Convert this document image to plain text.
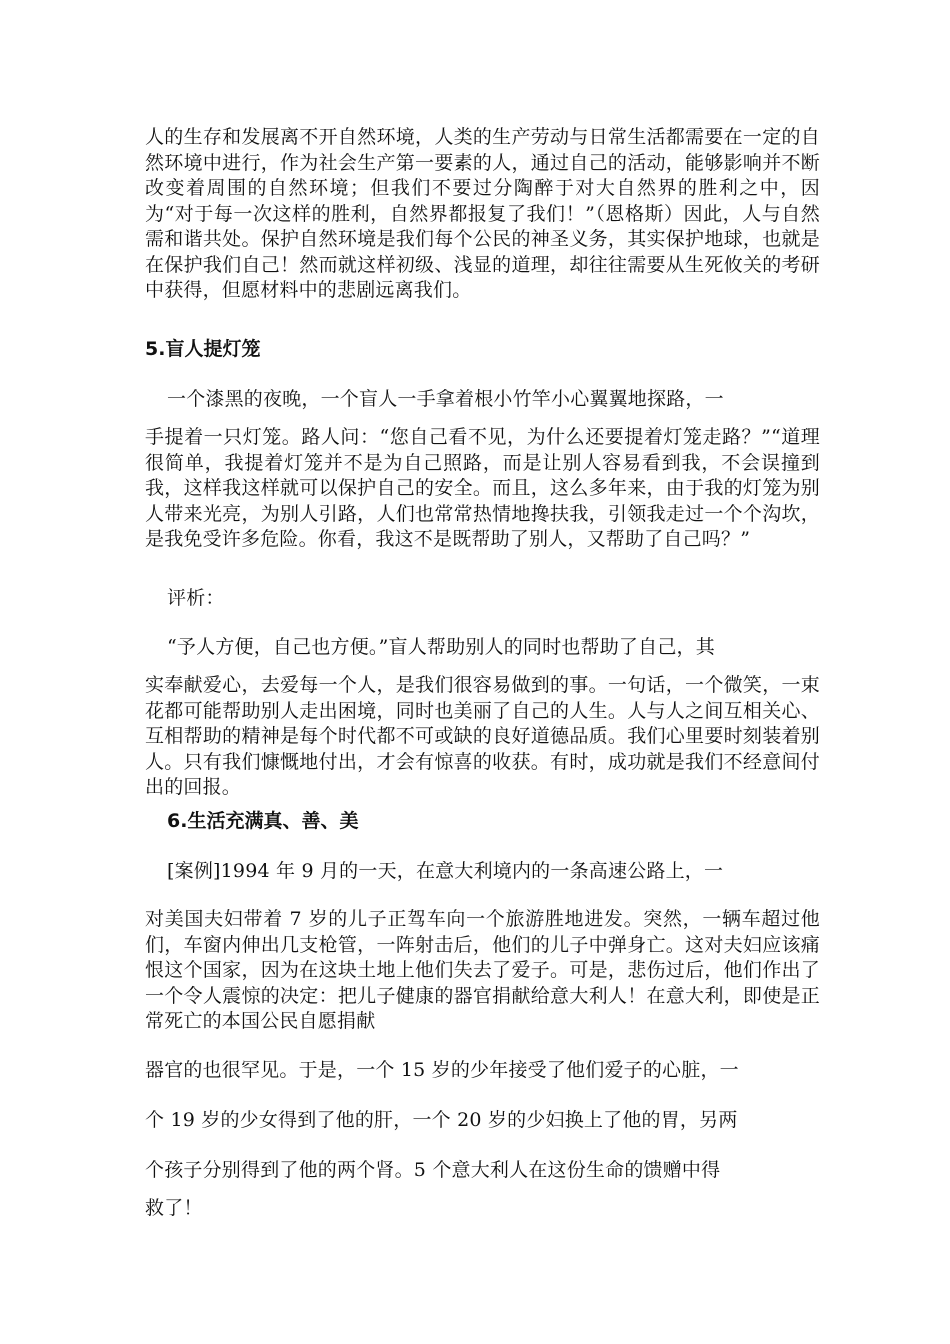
人的生存和发展离不开自然环境，人类的生产劳动与日常生活都需要在一定的自然环境中进行，作为社会生产第一要素的人，通过自己的活动，能够影响并不断改变着周围的自然环境；但我们不要过分陶醉于对大自然界的胜利之中，因为“对于每一次这样的胜利，自然界都报复了我们！”（恩格斯）因此，人与自然需和谐共处。保护自然环境是我们每个公民的神圣义务，其实保护地球，也就是在保护我们自己！然而就这样初级、浅显的道理，却往往需要从生死攸关的考研中获得，但愿材料中的悲剧远离我们。
5.盲人提灯笼
一个漆黑的夜晚，一个盲人一手拿着根小竹竿小心翼翼地探路，一
手提着一只灯笼。路人问：“您自己看不见，为什么还要提着灯笼走路？”“道理很简单，我提着灯笼并不是为自己照路，而是让别人容易看到我，不会误撞到我，这样我这样就可以保护自己的安全。而且，这么多年来，由于我的灯笼为别人带来光亮，为别人引路，人们也常常热情地搀扶我，引领我走过一个个沟坎，是我免受许多危险。你看，我这不是既帮助了别人，又帮助了自己吗？”
评析：
“予人方便，自己也方便。”盲人帮助别人的同时也帮助了自己，其
实奉献爱心，去爱每一个人，是我们很容易做到的事。一句话，一个微笑，一束花都可能帮助别人走出困境，同时也美丽了自己的人生。人与人之间互相关心、互相帮助的精神是每个时代都不可或缺的良好道德品质。我们心里要时刻装着别人。只有我们慷慨地付出，才会有惊喜的收获。有时，成功就是我们不经意间付出的回报。
6.生活充满真、善、美
[案例]1994 年 9 月的一天，在意大利境内的一条高速公路上，一
对美国夫妇带着 7 岁的儿子正驾车向一个旅游胜地进发。突然，一辆车超过他们，车窗内伸出几支枪管，一阵射击后，他们的儿子中弹身亡。这对夫妇应该痛恨这个国家，因为在这块土地上他们失去了爱子。可是，悲伤过后，他们作出了一个令人震惊的决定：把儿子健康的器官捐献给意大利人！在意大利，即使是正常死亡的本国公民自愿捐献
器官的也很罕见。于是，一个 15 岁的少年接受了他们爱子的心脏，一
个 19 岁的少女得到了他的肝，一个 20 岁的少妇换上了他的胃，另两
个孩子分别得到了他的两个肾。5 个意大利人在这份生命的馈赠中得
救了！
